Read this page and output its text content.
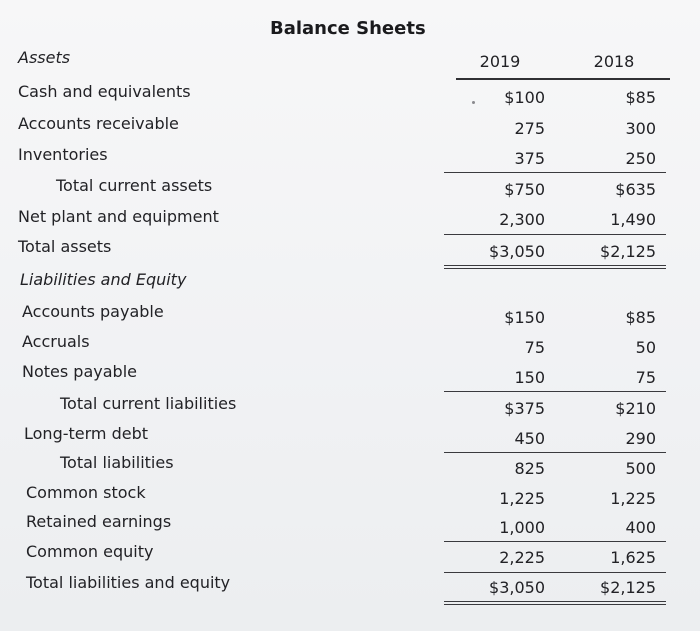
Balance Sheets
2019	2018
Assets
Cash and equivalents	$100	$85
Accounts receivable	275	300
Inventories	375	250
Total current assets	$750	$635
Net plant and equipment	2,300	1,490
Total assets	$3,050	$2,125
Liabilities and Equity
Accounts payable	$150	$85
Accruals	75	50
Notes payable	150	75
Total current liabilities	$375	$210
Long-term debt	450	290
Total liabilities	825	500
Common stock	1,225	1,225
Retained earnings	1,000	400
Common equity	2,225	1,625
Total liabilities and equity	$3,050	$2,125
